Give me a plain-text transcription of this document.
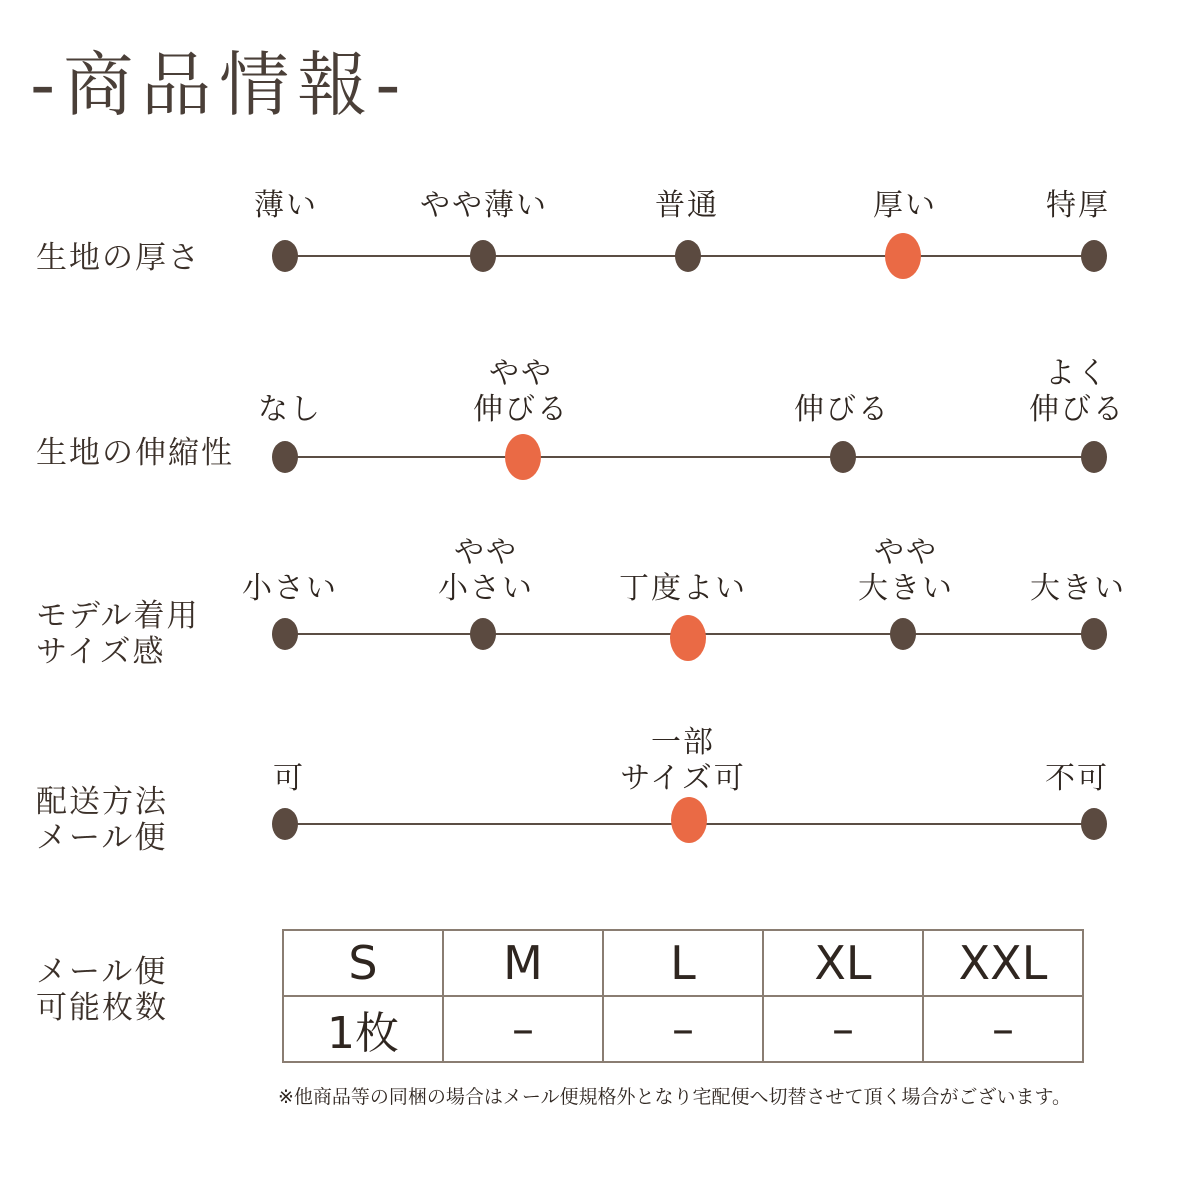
-商品情報-
生地の厚さ
薄い	やや薄い	普通	厚い	特厚
生地の伸縮性
なし
やや
伸びる	伸びる
よく
伸びる
モデル着用
サイズ感
小さい
やや
小さい	丁度よい
やや
大きい	大きい
配送方法
メール便
可
一部
サイズ可	不可
メール便
可能枚数
S	M	L	XL	XXL
1枚	–	–	–	–
※他商品等の同梱の場合はメール便規格外となり宅配便へ切替させて頂く場合がございます。
